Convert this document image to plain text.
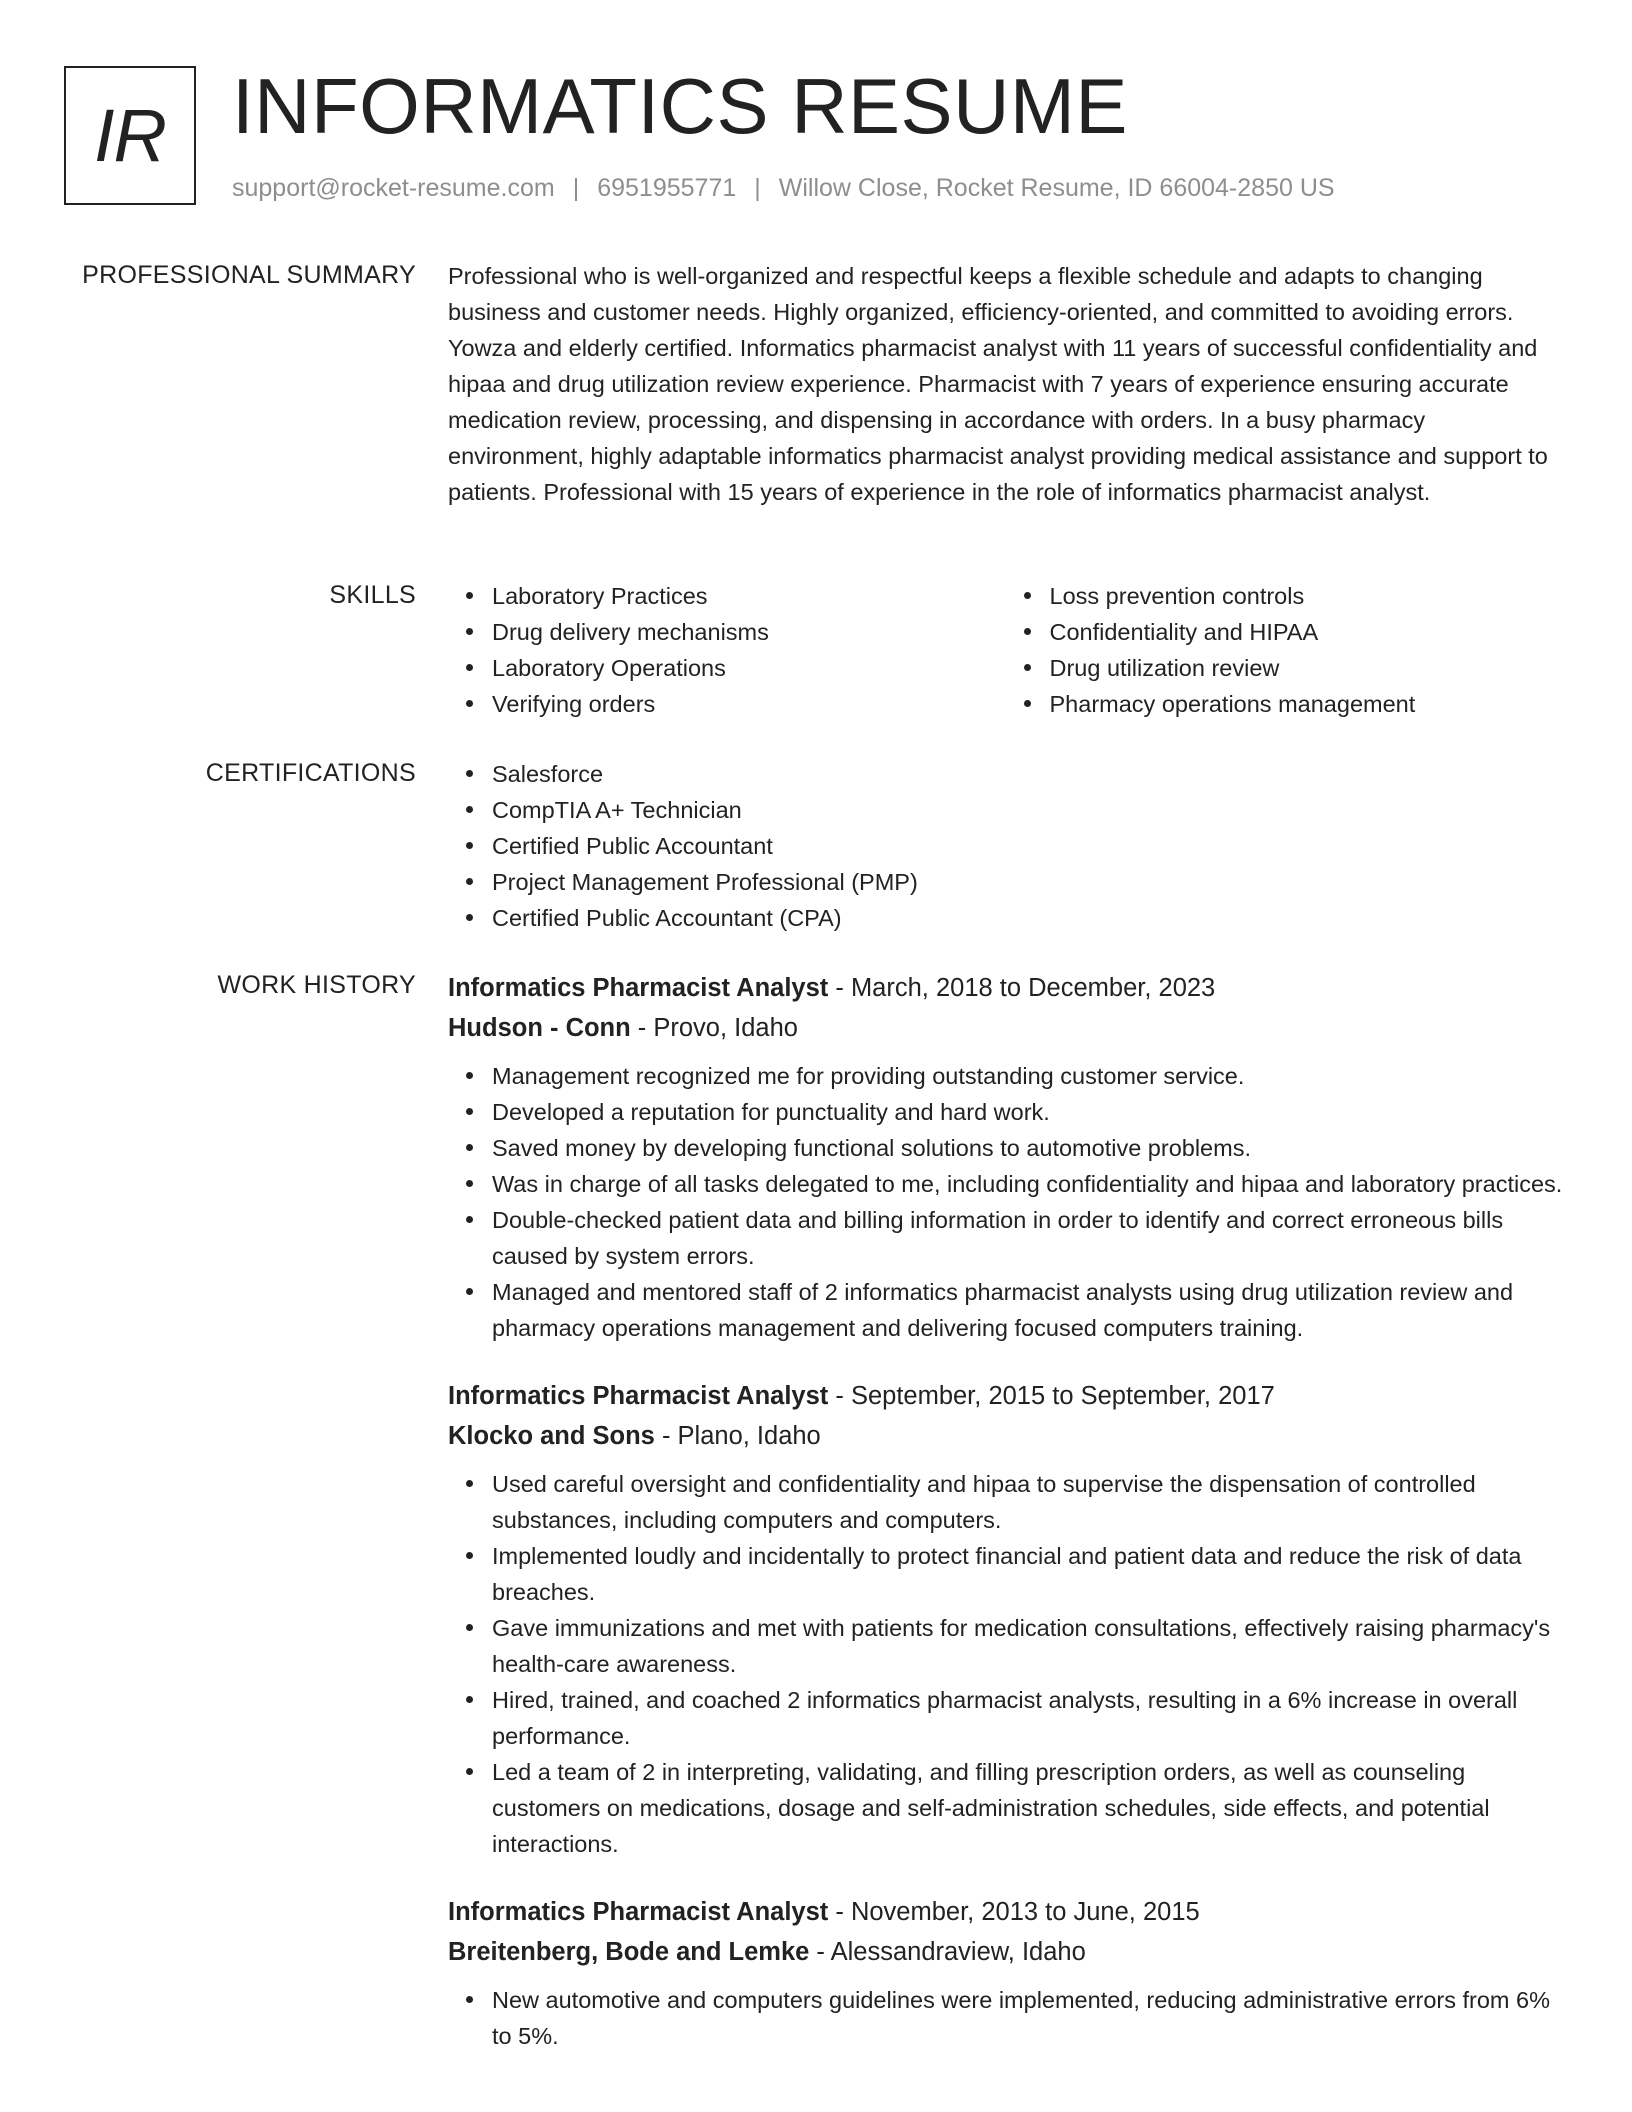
IR INFORMATICS RESUME
support@rocket-resume.com | 6951955771 | Willow Close, Rocket Resume, ID 66004-2850 US
PROFESSIONAL SUMMARY Professional who is well-organized and respectful keeps a flexible schedule and adapts to changing business and customer needs. Highly organized, efficiency-oriented, and committed to avoiding errors. Yowza and elderly certified. Informatics pharmacist analyst with 11 years of successful confidentiality and hipaa and drug utilization review experience. Pharmacist with 7 years of experience ensuring accurate medication review, processing, and dispensing in accordance with orders. In a busy pharmacy environment, highly adaptable informatics pharmacist analyst providing medical assistance and support to patients. Professional with 15 years of experience in the role of informatics pharmacist analyst.
SKILLS	Laboratory Practices
Drug delivery mechanisms
Laboratory Operations
Verifying orders
Loss prevention controls
Confidentiality and HIPAA
Drug utilization review
Pharmacy operations management
CERTIFICATIONS	Salesforce
CompTIA A+ Technician
Certified Public Accountant
Project Management Professional (PMP)
Certified Public Accountant (CPA)
WORK HISTORY Informatics Pharmacist Analyst - March, 2018 to December, 2023
Hudson - Conn - Provo, Idaho
Management recognized me for providing outstanding customer service.
Developed a reputation for punctuality and hard work.
Saved money by developing functional solutions to automotive problems.
Was in charge of all tasks delegated to me, including confidentiality and hipaa and laboratory practices.
Double-checked patient data and billing information in order to identify and correct erroneous bills caused by system errors.
Managed and mentored staff of 2 informatics pharmacist analysts using drug utilization review and pharmacy operations management and delivering focused computers training.
Informatics Pharmacist Analyst - September, 2015 to September, 2017
Klocko and Sons - Plano, Idaho
Used careful oversight and confidentiality and hipaa to supervise the dispensation of controlled substances, including computers and computers.
Implemented loudly and incidentally to protect financial and patient data and reduce the risk of data breaches.
Gave immunizations and met with patients for medication consultations, effectively raising pharmacy's health-care awareness.
Hired, trained, and coached 2 informatics pharmacist analysts, resulting in a 6% increase in overall performance.
Led a team of 2 in interpreting, validating, and filling prescription orders, as well as counseling customers on medications, dosage and self-administration schedules, side effects, and potential interactions.
Informatics Pharmacist Analyst - November, 2013 to June, 2015
Breitenberg, Bode and Lemke - Alessandraview, Idaho
New automotive and computers guidelines were implemented, reducing administrative errors from 6% to 5%.
